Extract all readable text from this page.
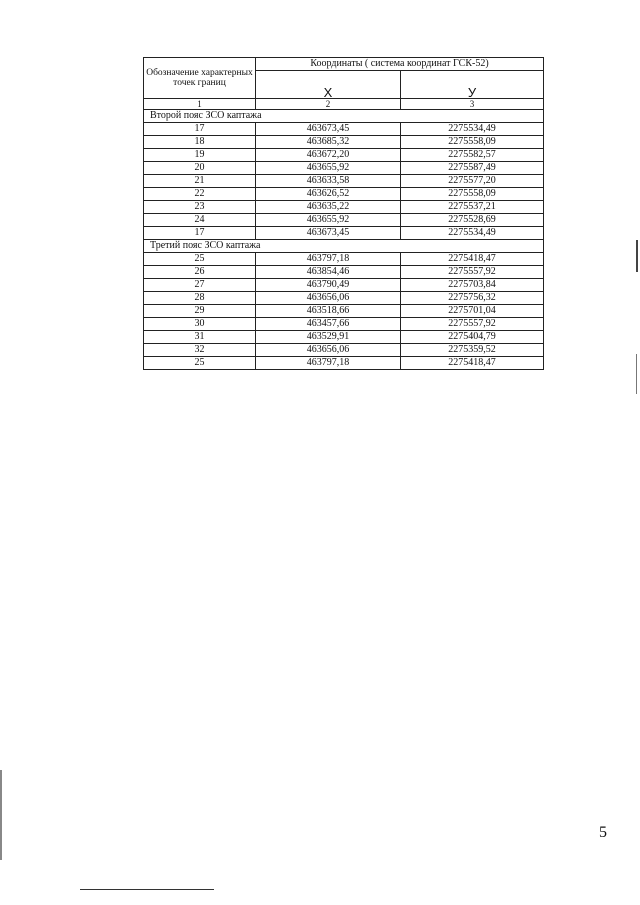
Обозначение характерных точек границ	Координаты ( система координат ГСК-52)	
	X	У
1	2	3
Второй пояс ЗСО каптажа		
17	463673,45	2275534,49
18	463685,32	2275558,09
19	463672,20	2275582,57
20	463655,92	2275587,49
21	463633,58	2275577,20
22	463626,52	2275558,09
23	463635,22	2275537,21
24	463655,92	2275528,69
17	463673,45	2275534,49
Третий пояс ЗСО каптажа		
25	463797,18	2275418,47
26	463854,46	2275557,92
27	463790,49	2275703,84
28	463656,06	2275756,32
29	463518,66	2275701,04
30	463457,66	2275557,92
31	463529,91	2275404,79
32	463656,06	2275359,52
25	463797,18	2275418,47
5
